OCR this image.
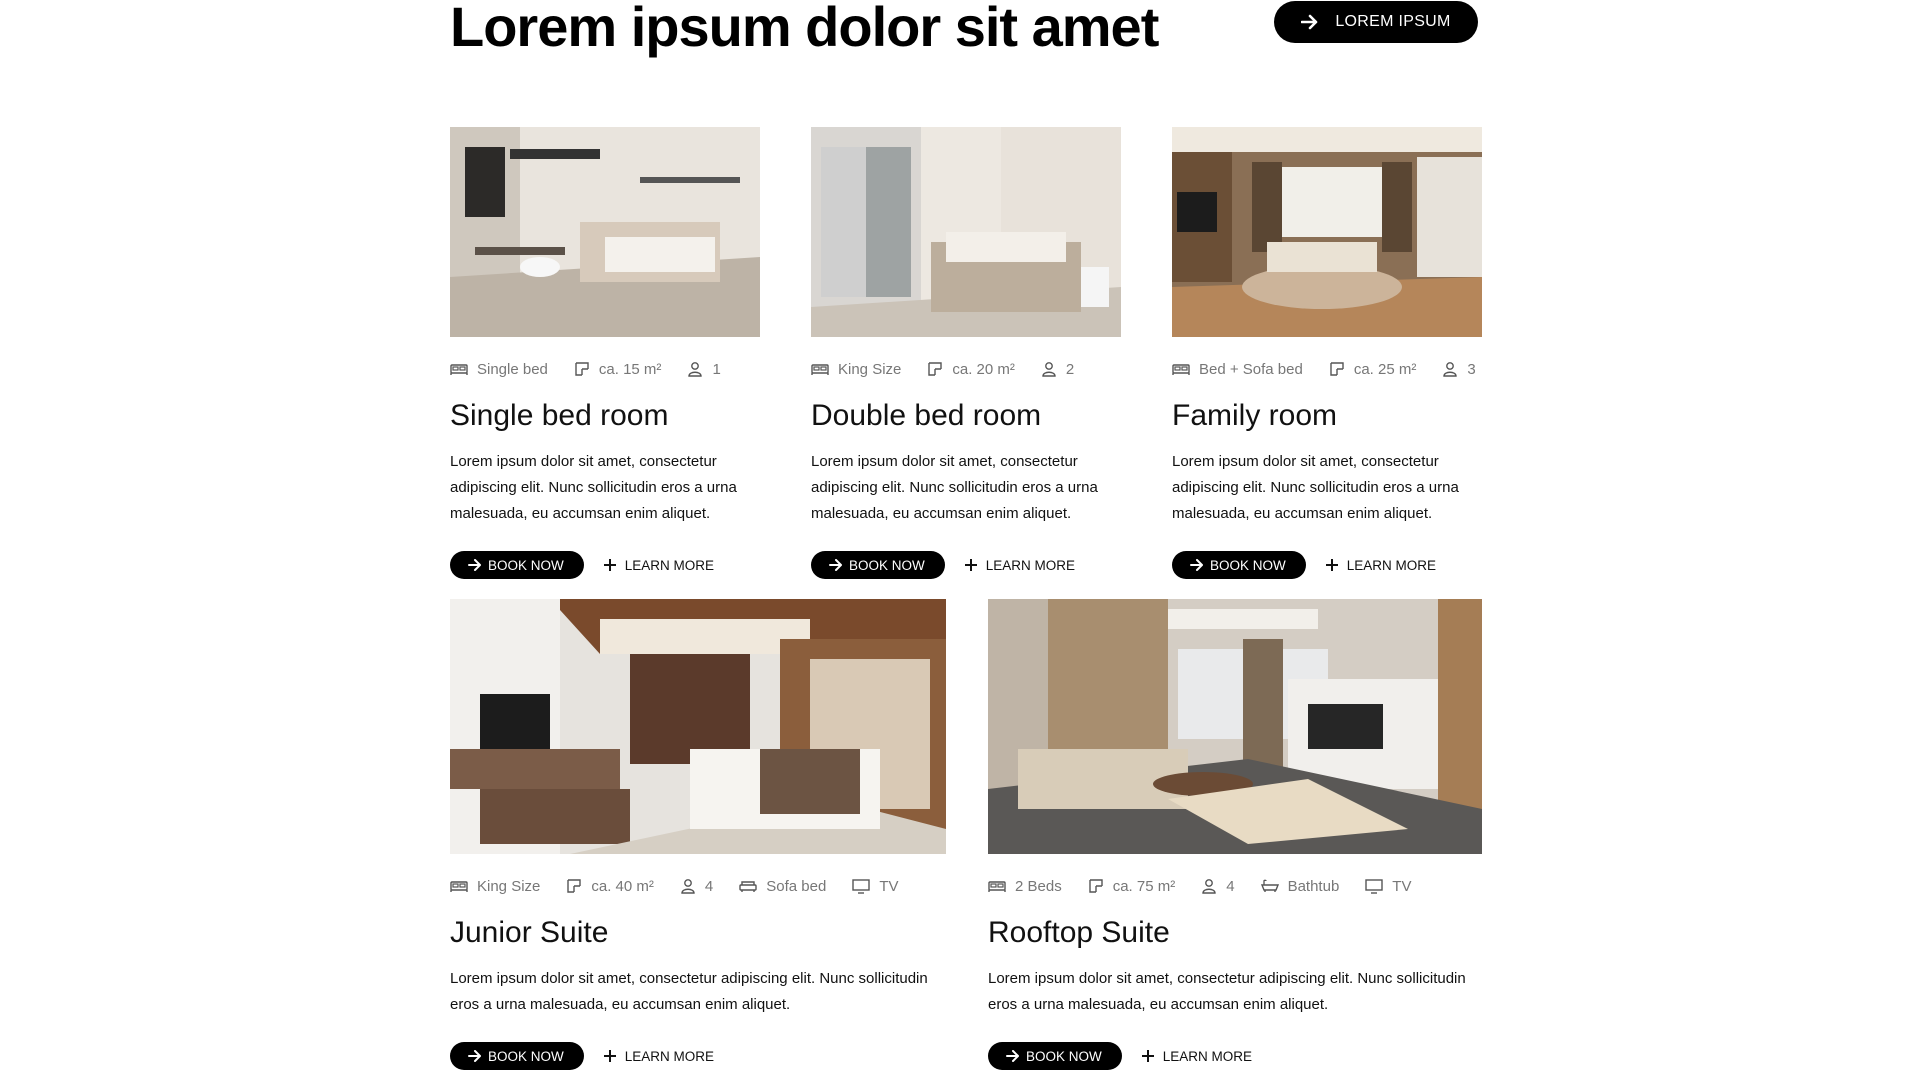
Lorem ipsum dolor sit amet	LOREM IPSUM
Single bed	ca. 15 m²	1
Single bed room

Lorem ipsum dolor sit amet, consectetur adipiscing elit. Nunc sollicitudin eros a urna malesuada, eu accumsan enim aliquet.

BOOK NOW	LEARN MORE
King Size	ca. 20 m²	2
Double bed room

Lorem ipsum dolor sit amet, consectetur adipiscing elit. Nunc sollicitudin eros a urna malesuada, eu accumsan enim aliquet.

BOOK NOW	LEARN MORE
Bed + Sofa bed	ca. 25 m²	3
Family room

Lorem ipsum dolor sit amet, consectetur adipiscing elit. Nunc sollicitudin eros a urna malesuada, eu accumsan enim aliquet.

BOOK NOW	LEARN MORE
King Size	ca. 40 m²	4	Sofa bed	TV
Junior Suite

Lorem ipsum dolor sit amet, consectetur adipiscing elit. Nunc sollicitudin eros a urna malesuada, eu accumsan enim aliquet.

BOOK NOW	LEARN MORE
2 Beds	ca. 75 m²	4	Bathtub	TV
Rooftop Suite

Lorem ipsum dolor sit amet, consectetur adipiscing elit. Nunc sollicitudin eros a urna malesuada, eu accumsan enim aliquet.

BOOK NOW	LEARN MORE
